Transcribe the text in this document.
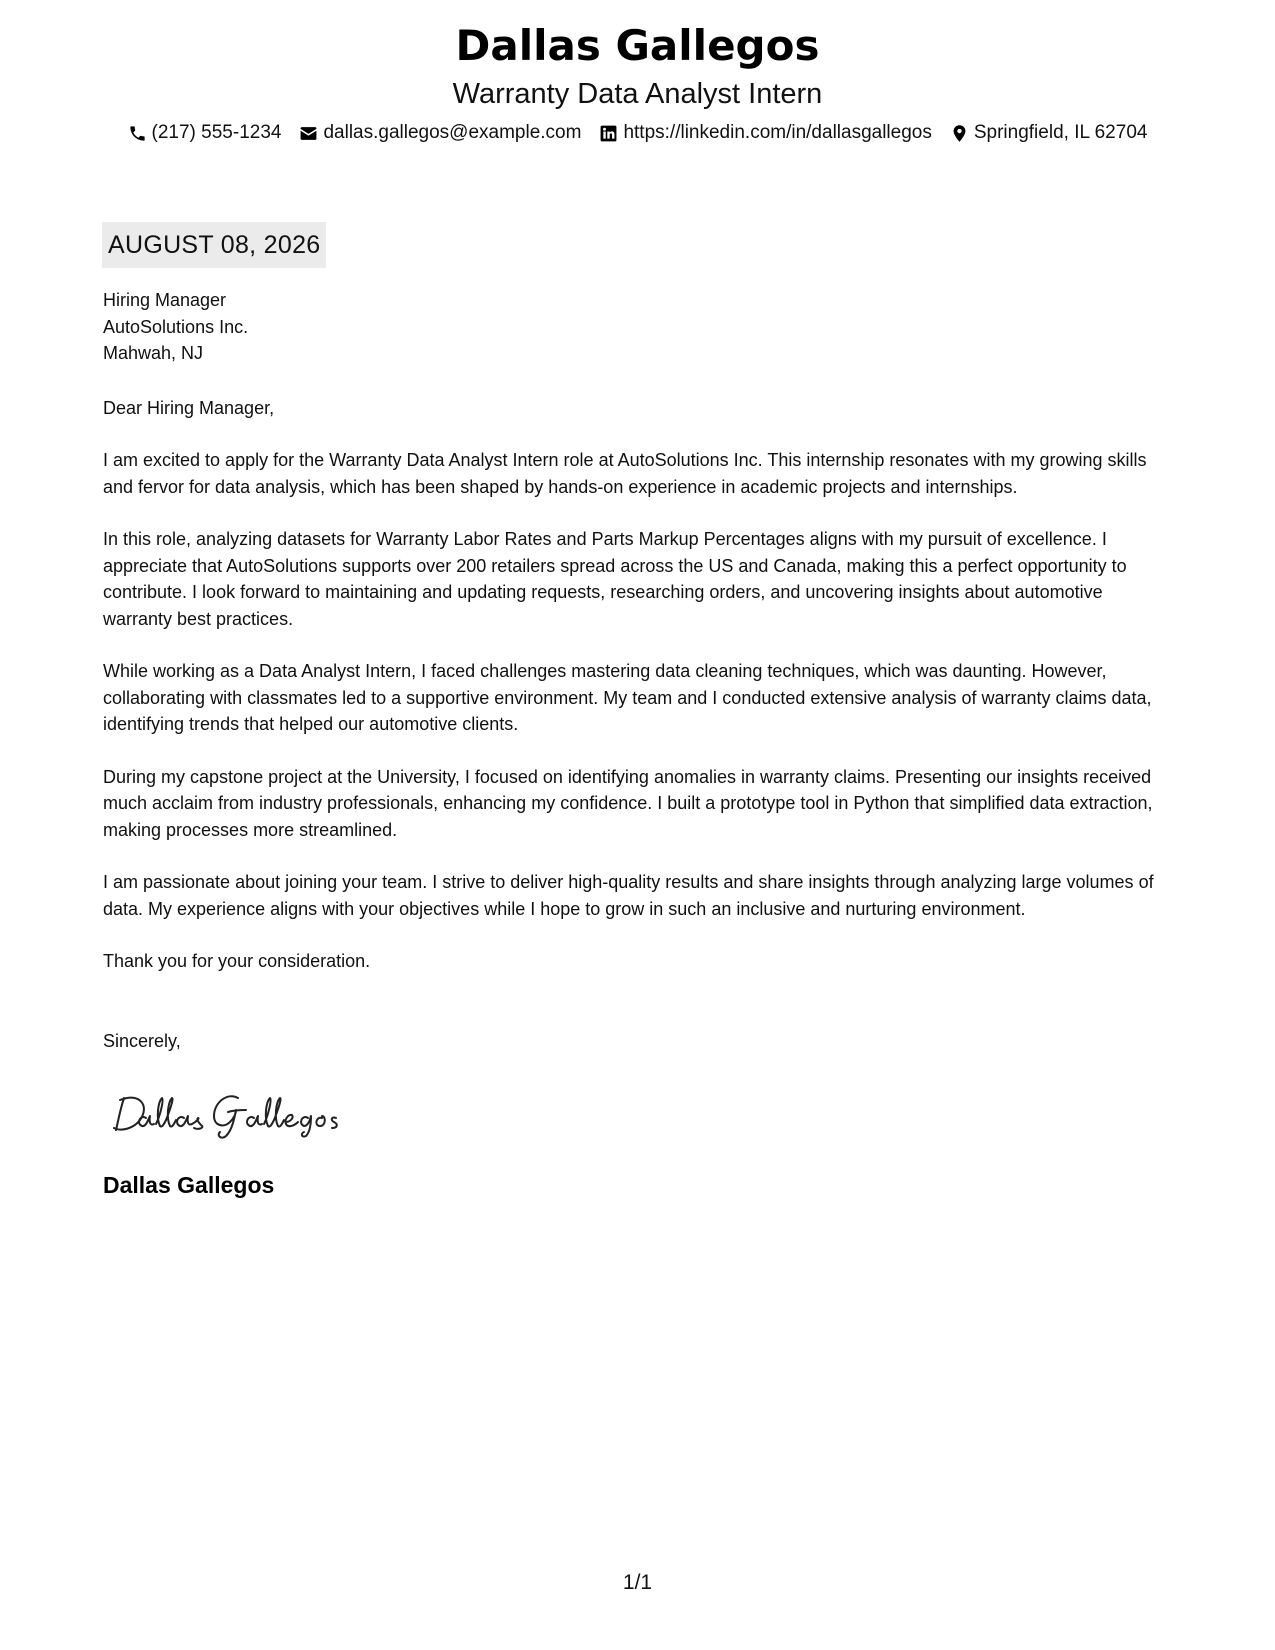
Dallas Gallegos
Warranty Data Analyst Intern
(217) 555-1234 dallas.gallegos@example.com https://linkedin.com/in/dallasgallegos Springfield, IL 62704
AUGUST 08, 2026
Hiring Manager
AutoSolutions Inc.
Mahwah, NJ
Dear Hiring Manager,
I am excited to apply for the Warranty Data Analyst Intern role at AutoSolutions Inc. This internship resonates with my growing skills and fervor for data analysis, which has been shaped by hands-on experience in academic projects and internships.
In this role, analyzing datasets for Warranty Labor Rates and Parts Markup Percentages aligns with my pursuit of excellence. I appreciate that AutoSolutions supports over 200 retailers spread across the US and Canada, making this a perfect opportunity to contribute. I look forward to maintaining and updating requests, researching orders, and uncovering insights about automotive warranty best practices.
While working as a Data Analyst Intern, I faced challenges mastering data cleaning techniques, which was daunting. However, collaborating with classmates led to a supportive environment. My team and I conducted extensive analysis of warranty claims data, identifying trends that helped our automotive clients.
During my capstone project at the University, I focused on identifying anomalies in warranty claims. Presenting our insights received much acclaim from industry professionals, enhancing my confidence. I built a prototype tool in Python that simplified data extraction, making processes more streamlined.
I am passionate about joining your team. I strive to deliver high-quality results and share insights through analyzing large volumes of data. My experience aligns with your objectives while I hope to grow in such an inclusive and nurturing environment.
Thank you for your consideration.
Sincerely,
Dallas Gallegos
1/1
